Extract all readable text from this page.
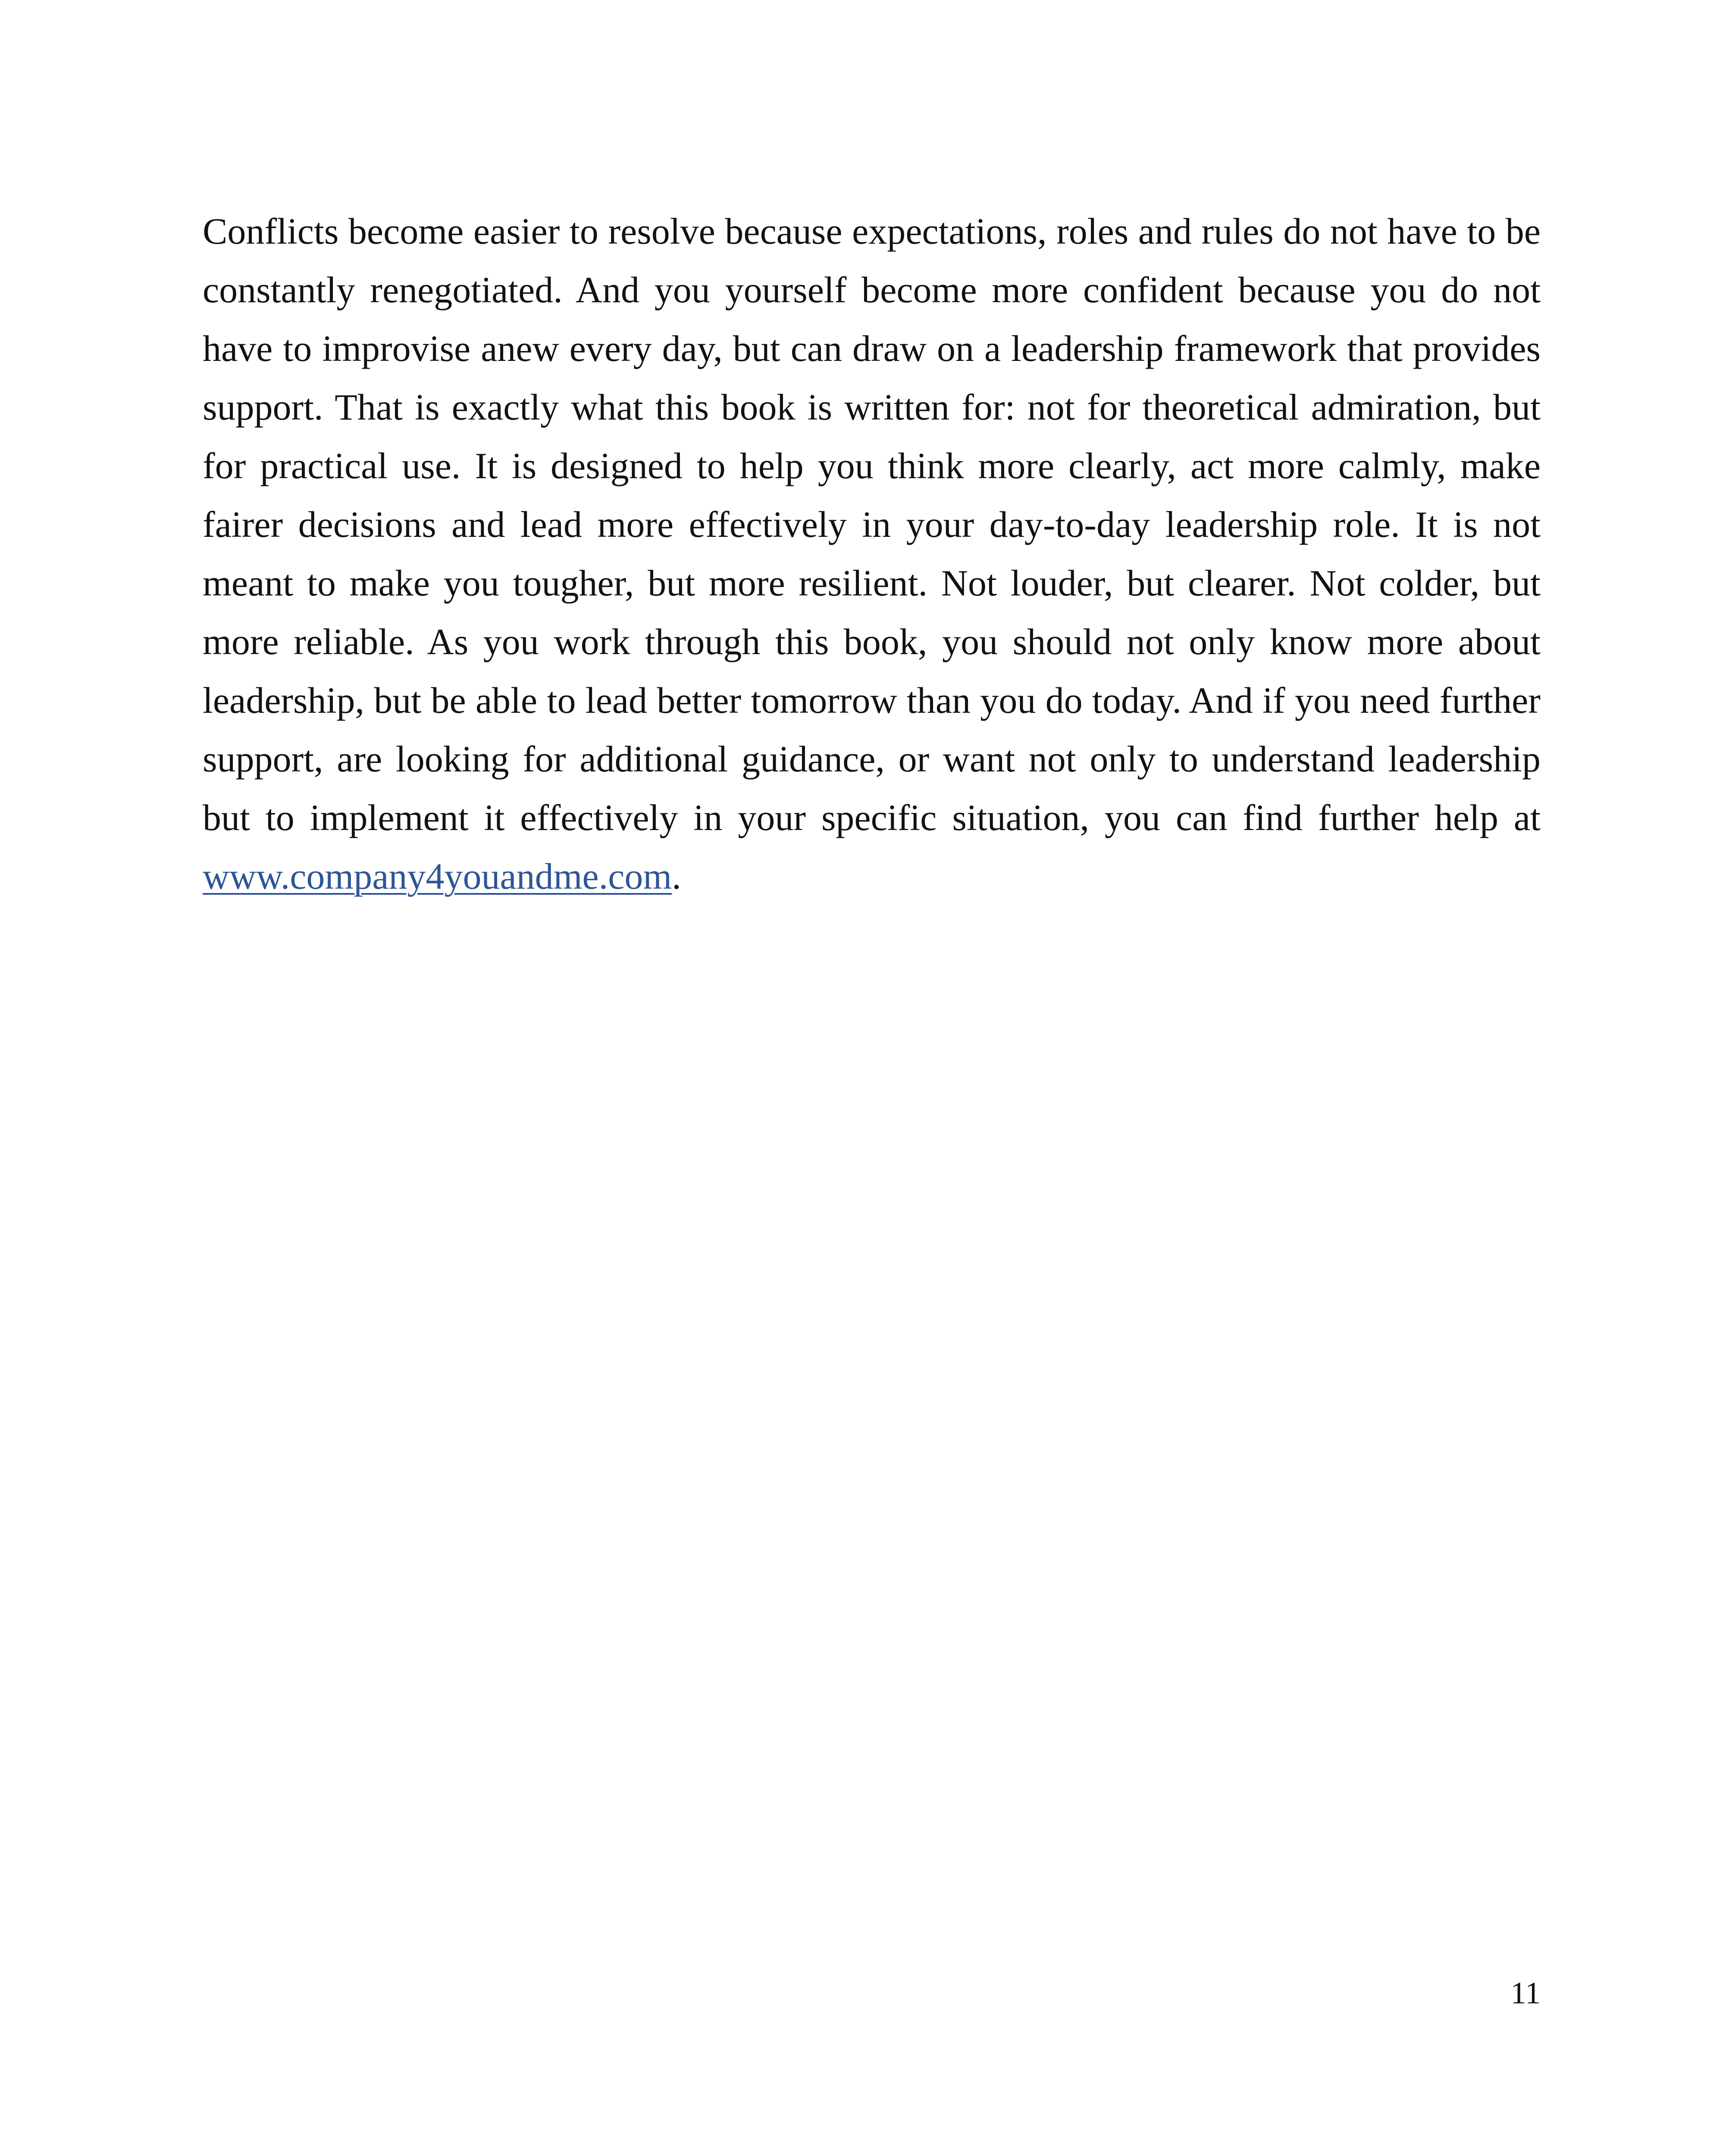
Conflicts become easier to resolve because expectations, roles and rules do not have to be constantly renegotiated. And you yourself become more confident because you do not have to improvise anew every day, but can draw on a leadership framework that provides support. That is exactly what this book is written for: not for theoretical admiration, but for practical use. It is designed to help you think more clearly, act more calmly, make fairer decisions and lead more effectively in your day-to-day leadership role. It is not meant to make you tougher, but more resilient. Not louder, but clearer. Not colder, but more reliable. As you work through this book, you should not only know more about leadership, but be able to lead better tomorrow than you do today. And if you need further support, are looking for additional guidance, or want not only to understand leadership but to implement it effectively in your specific situation, you can find further help at www.company4youandme.com.

11
